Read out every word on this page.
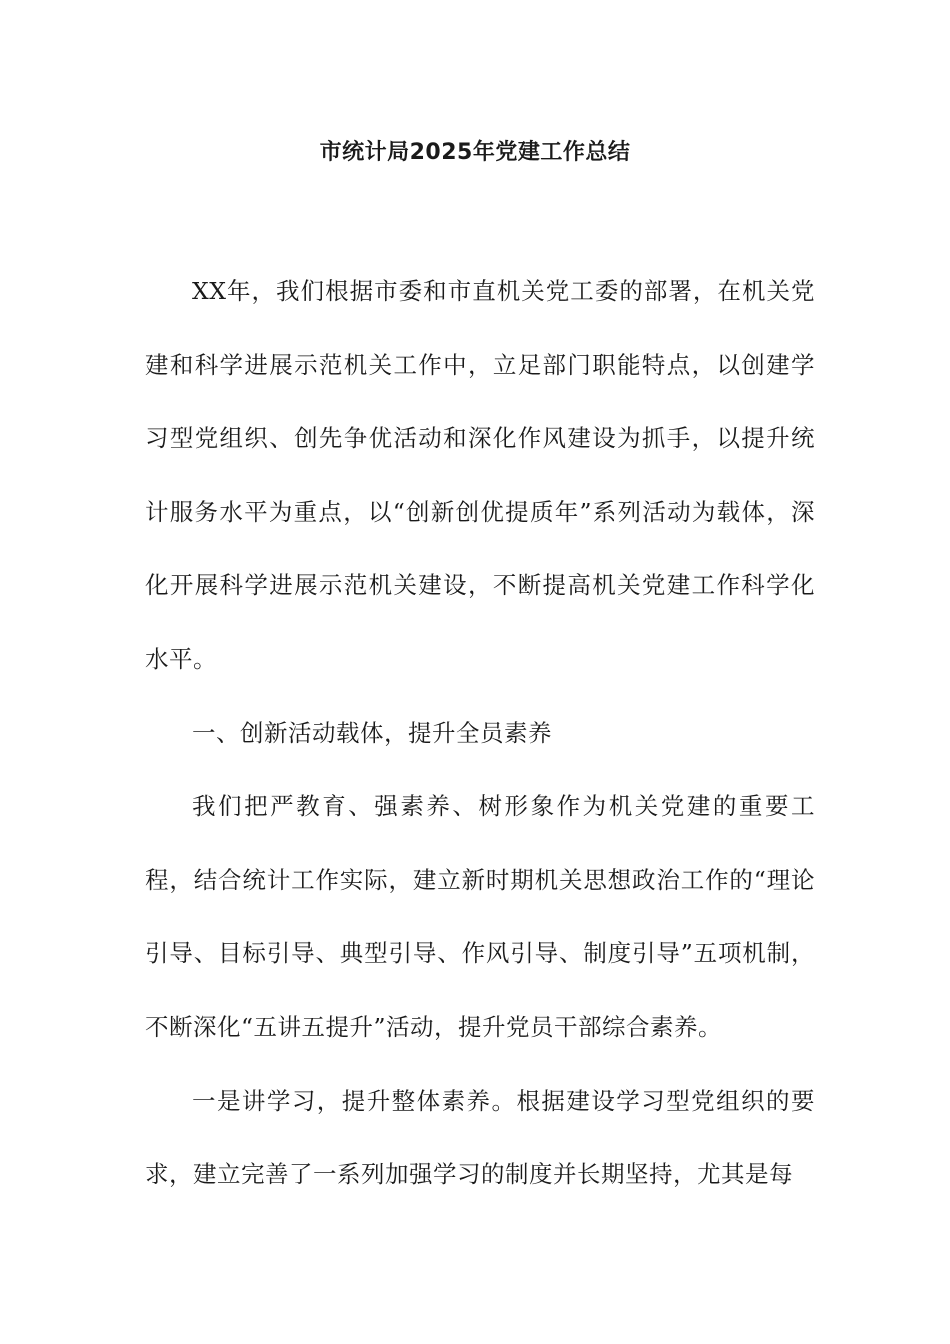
市统计局2025年党建工作总结

XX年，我们根据市委和市直机关党工委的部署，在机关党建和科学进展示范机关工作中，立足部门职能特点，以创建学习型党组织、创先争优活动和深化作风建设为抓手，以提升统计服务水平为重点，以“创新创优提质年”系列活动为载体，深化开展科学进展示范机关建设，不断提高机关党建工作科学化水平。

一、创新活动载体，提升全员素养

我们把严教育、强素养、树形象作为机关党建的重要工程，结合统计工作实际，建立新时期机关思想政治工作的“理论引导、目标引导、典型引导、作风引导、制度引导”五项机制，不断深化“五讲五提升”活动，提升党员干部综合素养。

一是讲学习，提升整体素养。根据建设学习型党组织的要求，建立完善了一系列加强学习的制度并长期坚持，尤其是每
